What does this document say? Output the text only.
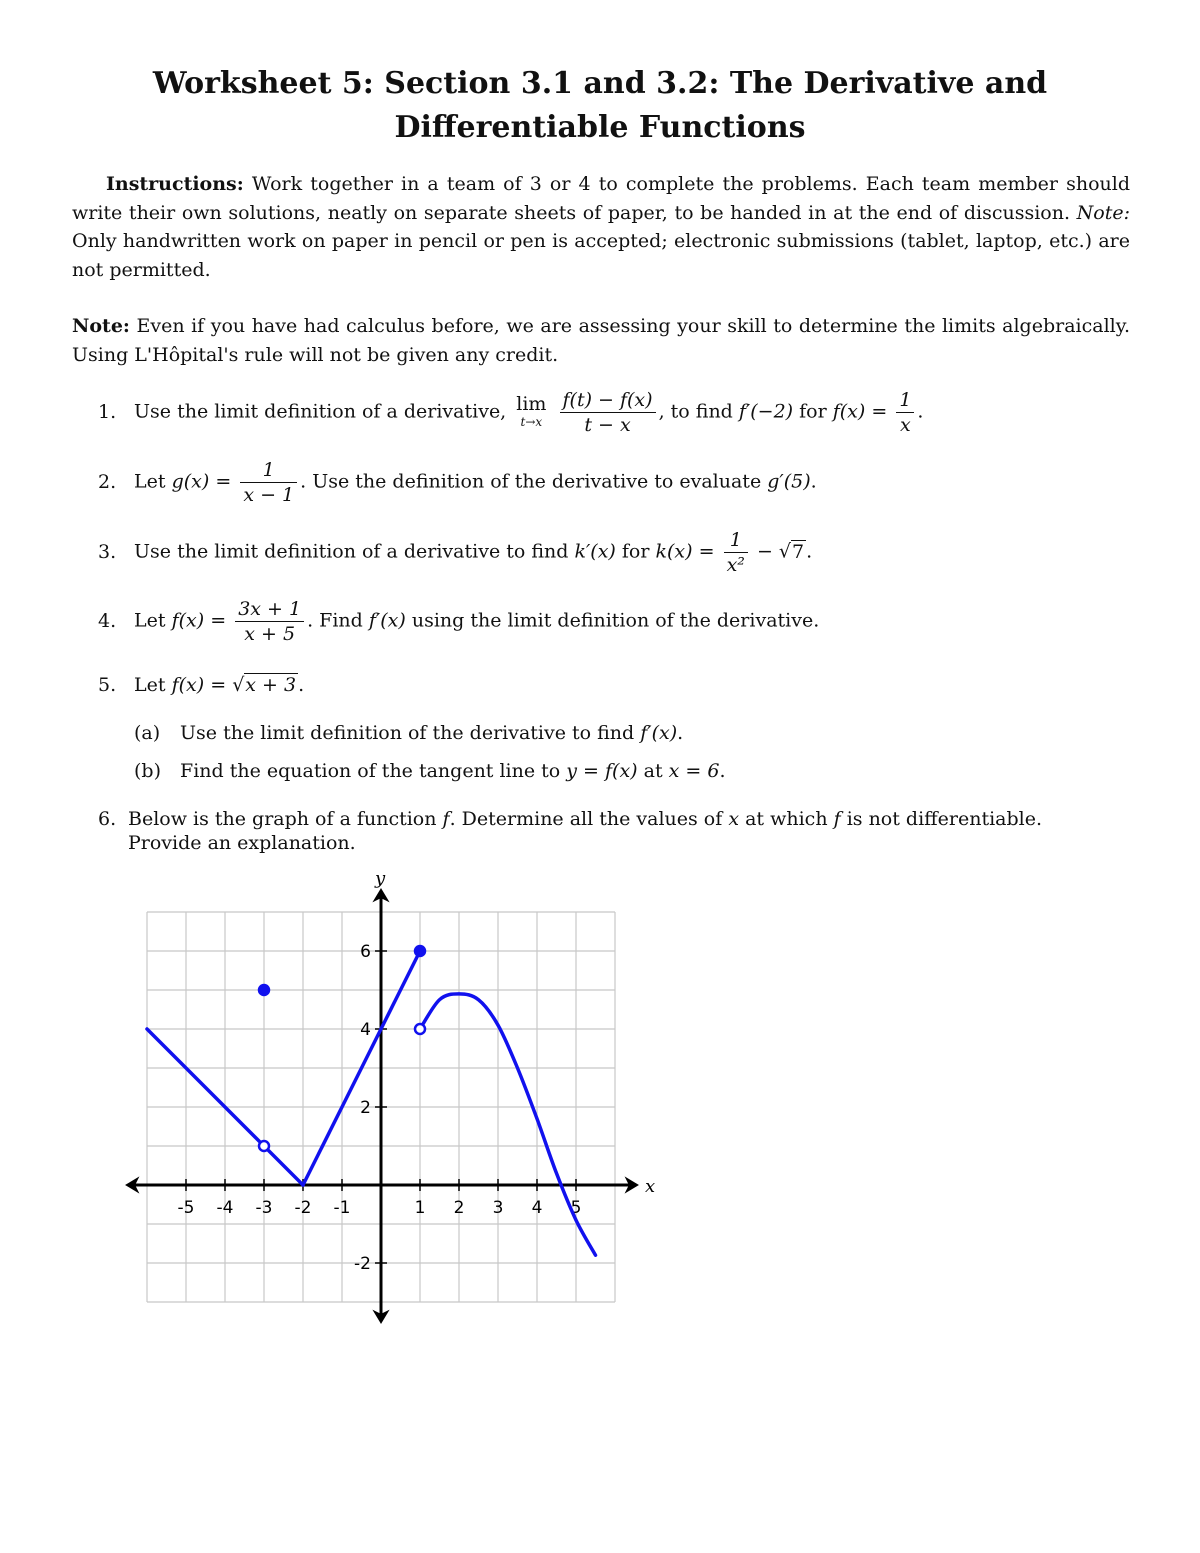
Worksheet 5: Section 3.1 and 3.2: The Derivative and
Differentiable Functions
Instructions: Work together in a team of 3 or 4 to complete the problems. Each team member should write their own solutions, neatly on separate sheets of paper, to be handed in at the end of discussion. Note: Only handwritten work on paper in pencil or pen is accepted; electronic submissions (tablet, laptop, etc.) are not permitted.
Note: Even if you have had calculus before, we are assessing your skill to determine the limits algebraically. Using L'Hôpital's rule will not be given any credit.
1. Use the limit definition of a derivative, lim
t→x
$\frac{f(t) - f(x)}{t - x}$ , to find f′(−2) for $f(x) = \frac{1}{x}$ .
2. Let $g(x) = \frac{1}{x - 1}$ . Use the definition of the derivative to evaluate g′(5).
3. Use the limit definition of a derivative to find k′(x) for $k(x) = \frac{1}{\text{x²}} - √7$ .
4. Let $f(x) = \frac{3x + 1}{x + 5}$ . Find f′(x) using the limit definition of the derivative.
5. Let f(x) = √x + 3 .
(a) Use the limit definition of the derivative to find f′(x).
(b) Find the equation of the tangent line to y = f(x) at x = 6.
6. Below is the graph of a function f. Determine all the values of x at which f is not differentiable.
Provide an explanation.
x
y
-5 -4 -3 -2 -1	1 2 3 4 5
6
4
2
-2
